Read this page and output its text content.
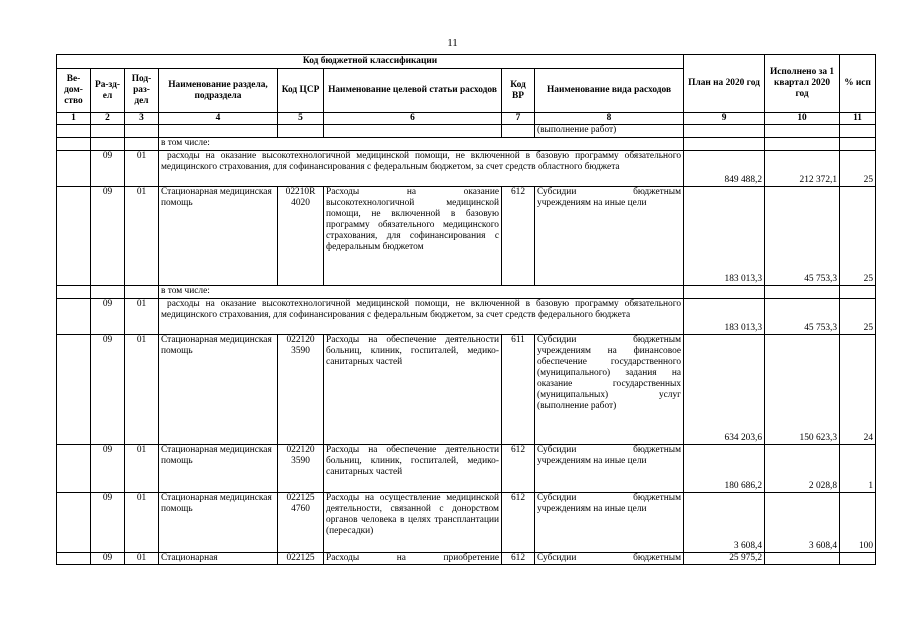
11
Код бюджетной классификации								План на 2020 год	Исполнено за 1 квартал 2020 год	% исп
Ве-дом-ство	Ра-зд-ел	Под-раз-дел	Наименование раздела, подраздела	Код ЦСР	Наименование целевой статьи расходов	Код ВР	Наименование вида расходов			
1	2	3	4	5	6	7	8	9	10	11
							(выполнение работ)			
			в том числе:							
	09	01	расходы на оказание высокотехнологичной медицинской помощи, не включенной в базовую программу обязательного медицинского страхования, для софинансирования с федеральным бюджетом, за счет средств областного бюджета					849 488,2	212 372,1	25
	09	01	Стационарная медицинская помощь	02210R 4020	Расходы на оказание высокотехнологичной медицинской помощи, не включенной в базовую программу обязательного медицинского страхования, для софинансирования с федеральным бюджетом	612	Субсидии бюджетным учреждениям на иные цели	183 013,3	45 753,3	25
			в том числе:							
	09	01	расходы на оказание высокотехнологичной медицинской помощи, не включенной в базовую программу обязательного медицинского страхования, для софинансирования с федеральным бюджетом, за счет средств федерального бюджета					183 013,3	45 753,3	25
	09	01	Стационарная медицинская помощь	022120 3590	Расходы на обеспечение деятельности больниц, клиник, госпиталей, медико-санитарных частей	611	Субсидии бюджетным учреждениям на финансовое обеспечение государственного (муниципального) задания на оказание государственных (муниципальных) услуг (выполнение работ)	634 203,6	150 623,3	24
	09	01	Стационарная медицинская помощь	022120 3590	Расходы на обеспечение деятельности больниц, клиник, госпиталей, медико-санитарных частей	612	Субсидии бюджетным учреждениям на иные цели	180 686,2	2 028,8	1
	09	01	Стационарная медицинская помощь	022125 4760	Расходы на осуществление медицинской деятельности, связанной с донорством органов человека в целях трансплантации (пересадки)	612	Субсидии бюджетным учреждениям на иные цели	3 608,4	3 608,4	100
	09	01	Стационарная	022125	Расходы на приобретение	612	Субсидии бюджетным	25 975,2		
